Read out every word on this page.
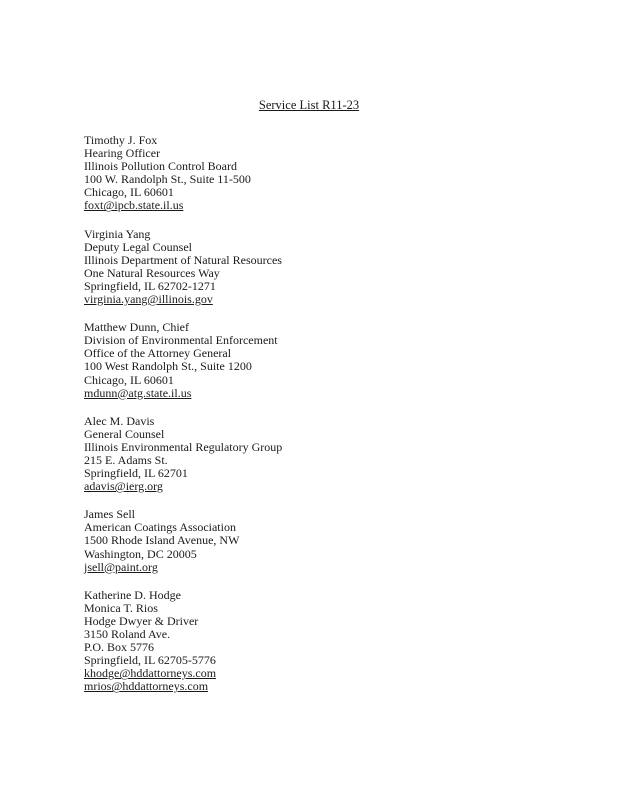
Service List R11-23
Timothy J. Fox
Hearing Officer
Illinois Pollution Control Board
100 W. Randolph St., Suite 11-500
Chicago, IL 60601
foxt@ipcb.state.il.us
Virginia Yang
Deputy Legal Counsel
Illinois Department of Natural Resources
One Natural Resources Way
Springfield, IL 62702-1271
virginia.yang@illinois.gov
Matthew Dunn, Chief
Division of Environmental Enforcement
Office of the Attorney General
100 West Randolph St., Suite 1200
Chicago, IL 60601
mdunn@atg.state.il.us
Alec M. Davis
General Counsel
Illinois Environmental Regulatory Group
215 E. Adams St.
Springfield, IL 62701
adavis@ierg.org
James Sell
American Coatings Association
1500 Rhode Island Avenue, NW
Washington, DC 20005
jsell@paint.org
Katherine D. Hodge
Monica T. Rios
Hodge Dwyer & Driver
3150 Roland Ave.
P.O. Box 5776
Springfield, IL 62705-5776
khodge@hddattorneys.com
mrios@hddattorneys.com
